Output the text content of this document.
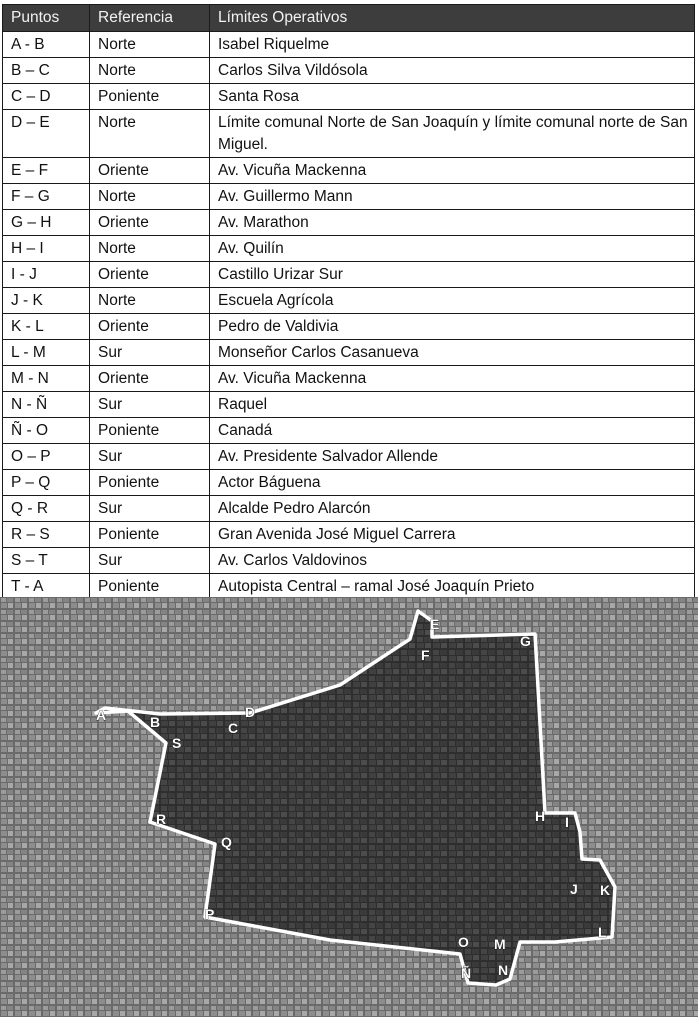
Puntos	Referencia	Límites Operativos
A - B	Norte	Isabel Riquelme
B – C	Norte	Carlos Silva Vildósola
C – D	Poniente	Santa Rosa
D – E	Norte	Límite comunal Norte de San Joaquín y límite comunal norte de San Miguel.
E – F	Oriente	Av. Vicuña Mackenna
F – G	Norte	Av. Guillermo Mann
G – H	Oriente	Av. Marathon
H – I	Norte	Av. Quilín
I - J	Oriente	Castillo Urizar Sur
J - K	Norte	Escuela Agrícola
K - L	Oriente	Pedro de Valdivia
L - M	Sur	Monseñor Carlos Casanueva
M - N	Oriente	Av. Vicuña Mackenna
N - Ñ	Sur	Raquel
Ñ - O	Poniente	Canadá
O – P	Sur	Av. Presidente Salvador Allende
P – Q	Poniente	Actor Báguena
Q - R	Sur	Alcalde Pedro Alarcón
R – S	Poniente	Gran Avenida José Miguel Carrera
S – T	Sur	Av. Carlos Valdovinos
T - A	Poniente	Autopista Central – ramal José Joaquín Prieto
A	B	C
D
E
F
G
H I
J K
L
M
N
Ñ
O
P
Q
R
S
